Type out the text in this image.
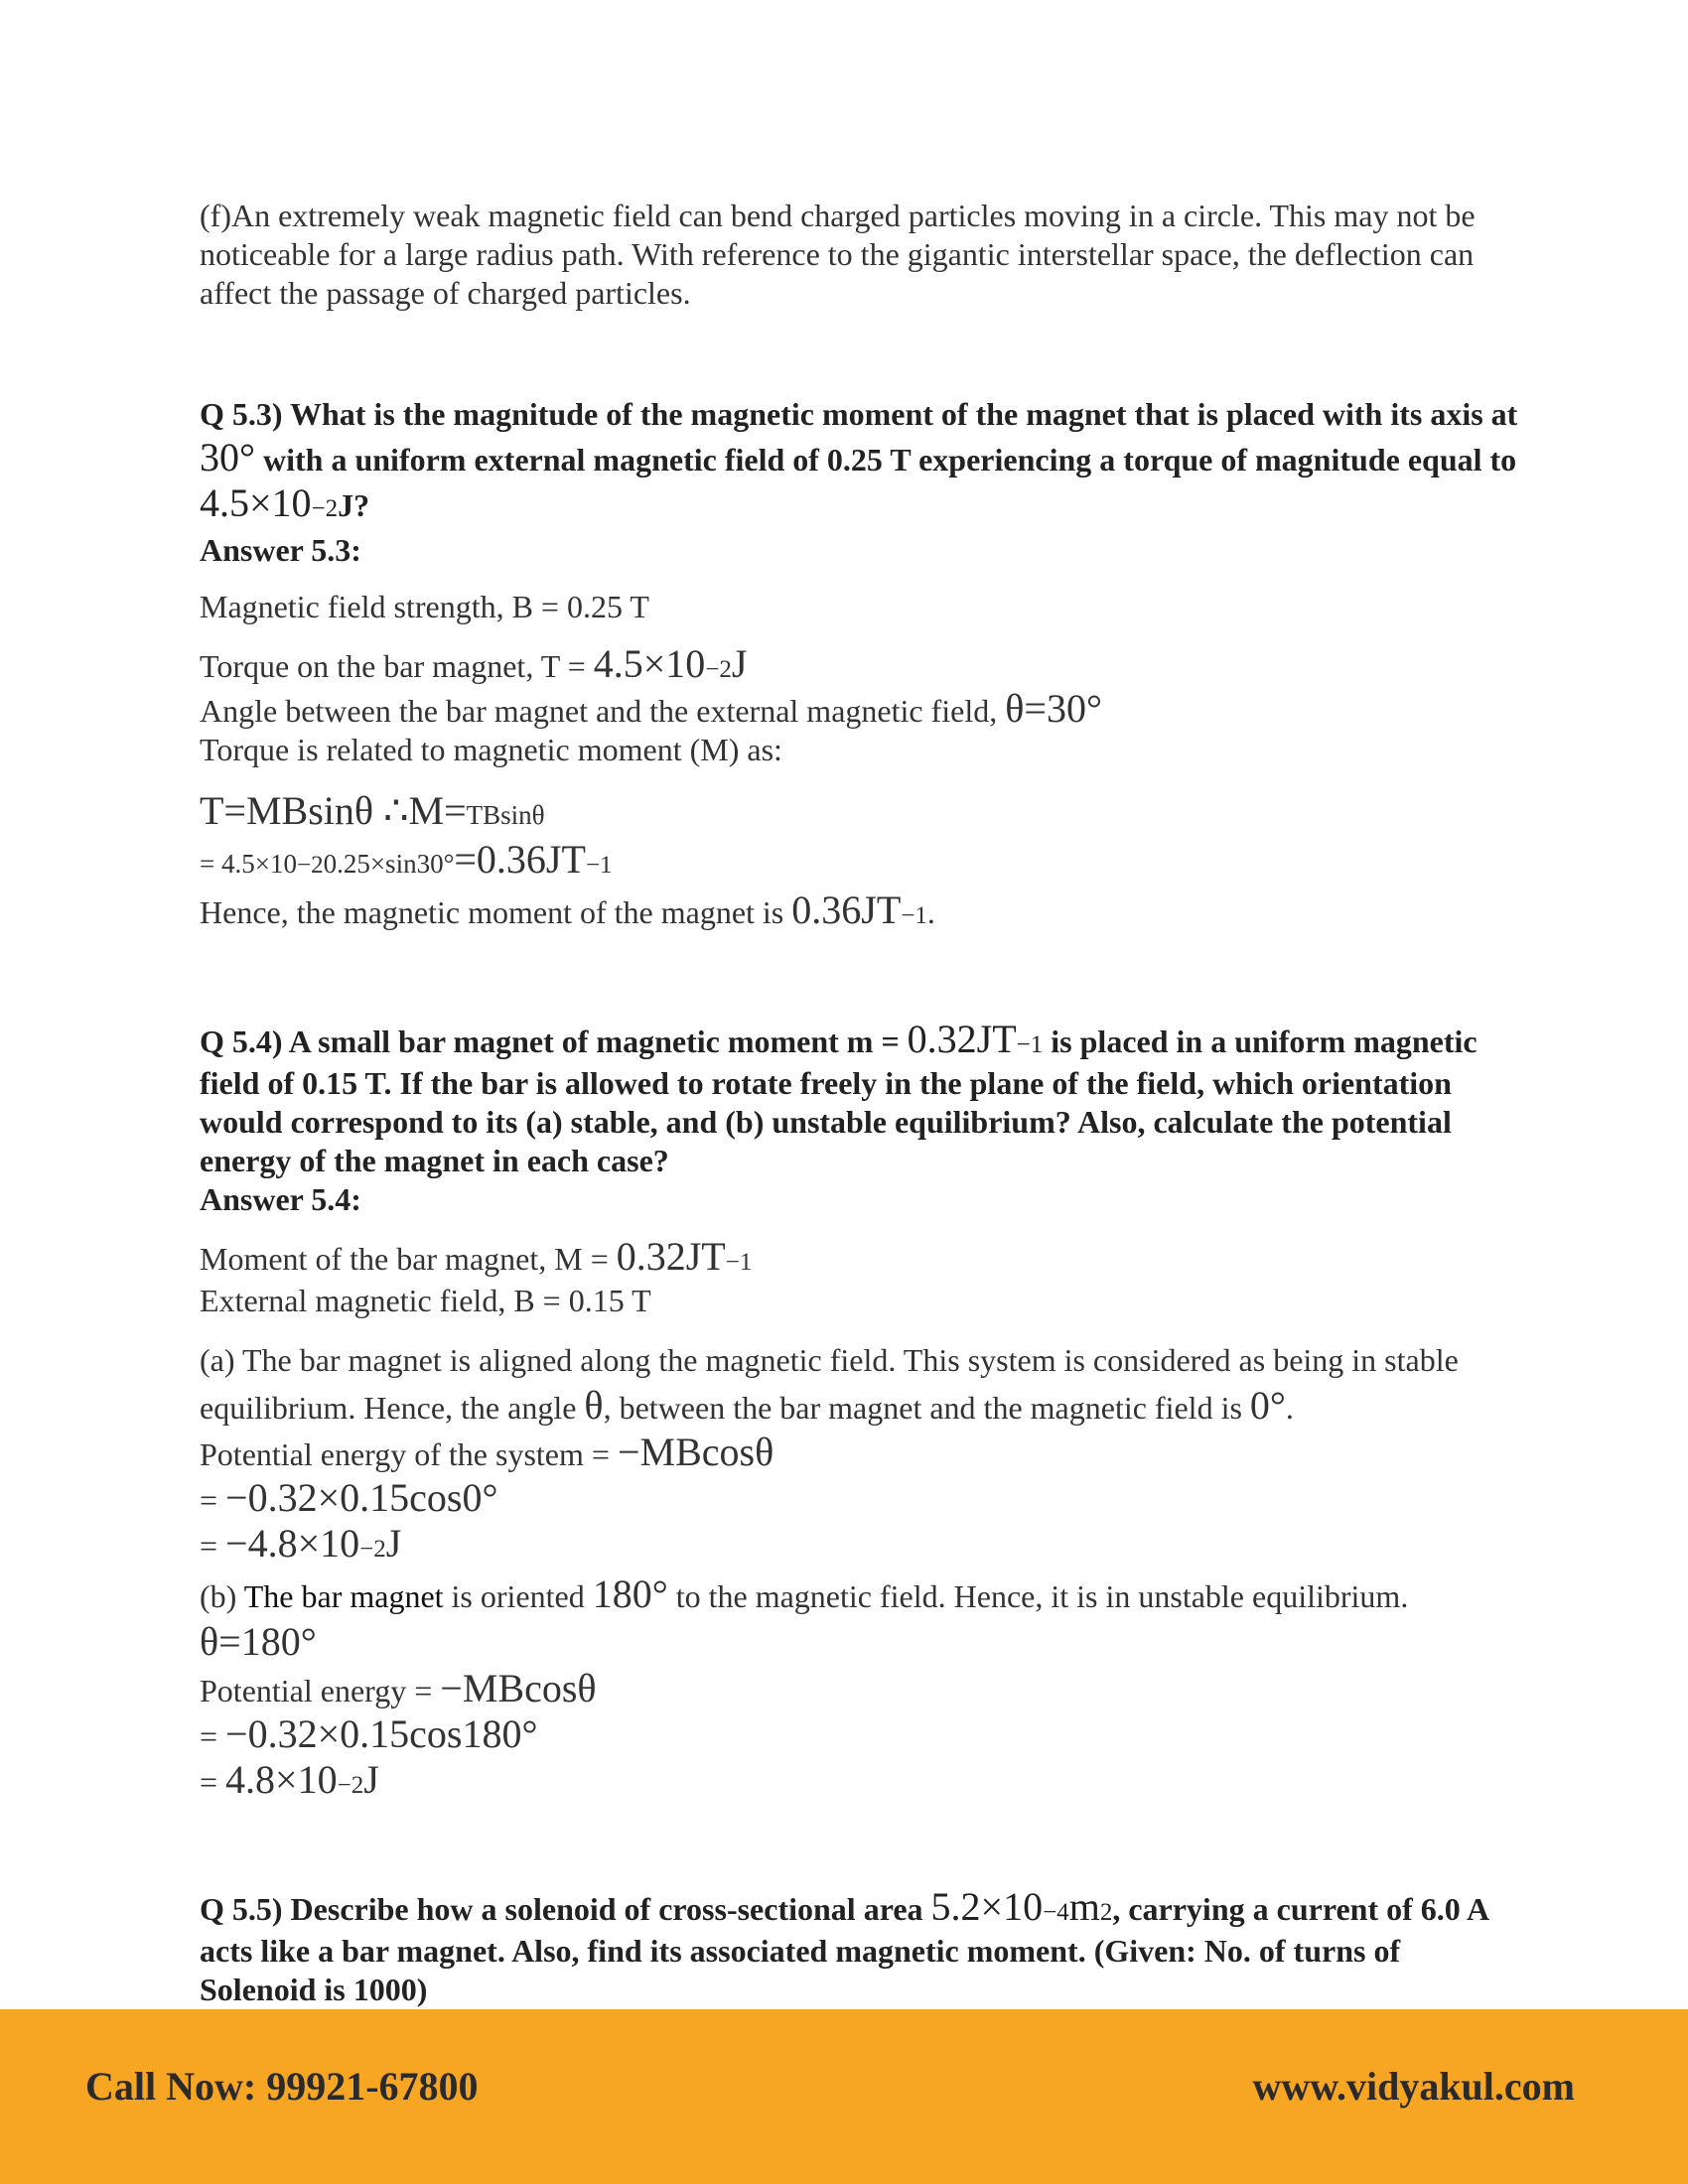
(f)An extremely weak magnetic field can bend charged particles moving in a circle. This may not be noticeable for a large radius path. With reference to the gigantic interstellar space, the deflection can affect the passage of charged particles.

Q 5.3) What is the magnitude of the magnetic moment of the magnet that is placed with its axis at 30° with a uniform external magnetic field of 0.25 T experiencing a torque of magnitude equal to 4.5×10−2J?

Answer 5.3:

Magnetic field strength, B = 0.25 T

Torque on the bar magnet, T = 4.5×10−2J

Angle between the bar magnet and the external magnetic field, θ=30°

Torque is related to magnetic moment (M) as:

T=MBsinθ ∴M=TBsinθ

= 4.5×10−20.25×sin30°=0.36JT−1

Hence, the magnetic moment of the magnet is 0.36JT−1.

Q 5.4) A small bar magnet of magnetic moment m = 0.32JT−1 is placed in a uniform magnetic field of 0.15 T. If the bar is allowed to rotate freely in the plane of the field, which orientation would correspond to its (a) stable, and (b) unstable equilibrium? Also, calculate the potential energy of the magnet in each case?

Answer 5.4:

Moment of the bar magnet, M = 0.32JT−1

External magnetic field, B = 0.15 T

(a) The bar magnet is aligned along the magnetic field. This system is considered as being in stable equilibrium. Hence, the angle θ, between the bar magnet and the magnetic field is 0°.

Potential energy of the system = −MBcosθ

= −0.32×0.15cos0°

= −4.8×10−2J

(b) The bar magnet is oriented 180° to the magnetic field. Hence, it is in unstable equilibrium. θ=180°

Potential energy = −MBcosθ

= −0.32×0.15cos180°

= 4.8×10−2J

Q 5.5) Describe how a solenoid of cross-sectional area 5.2×10−4m2, carrying a current of 6.0 A acts like a bar magnet. Also, find its associated magnetic moment. (Given: No. of turns of Solenoid is 1000)

Call Now: 99921-67800	www.vidyakul.com
